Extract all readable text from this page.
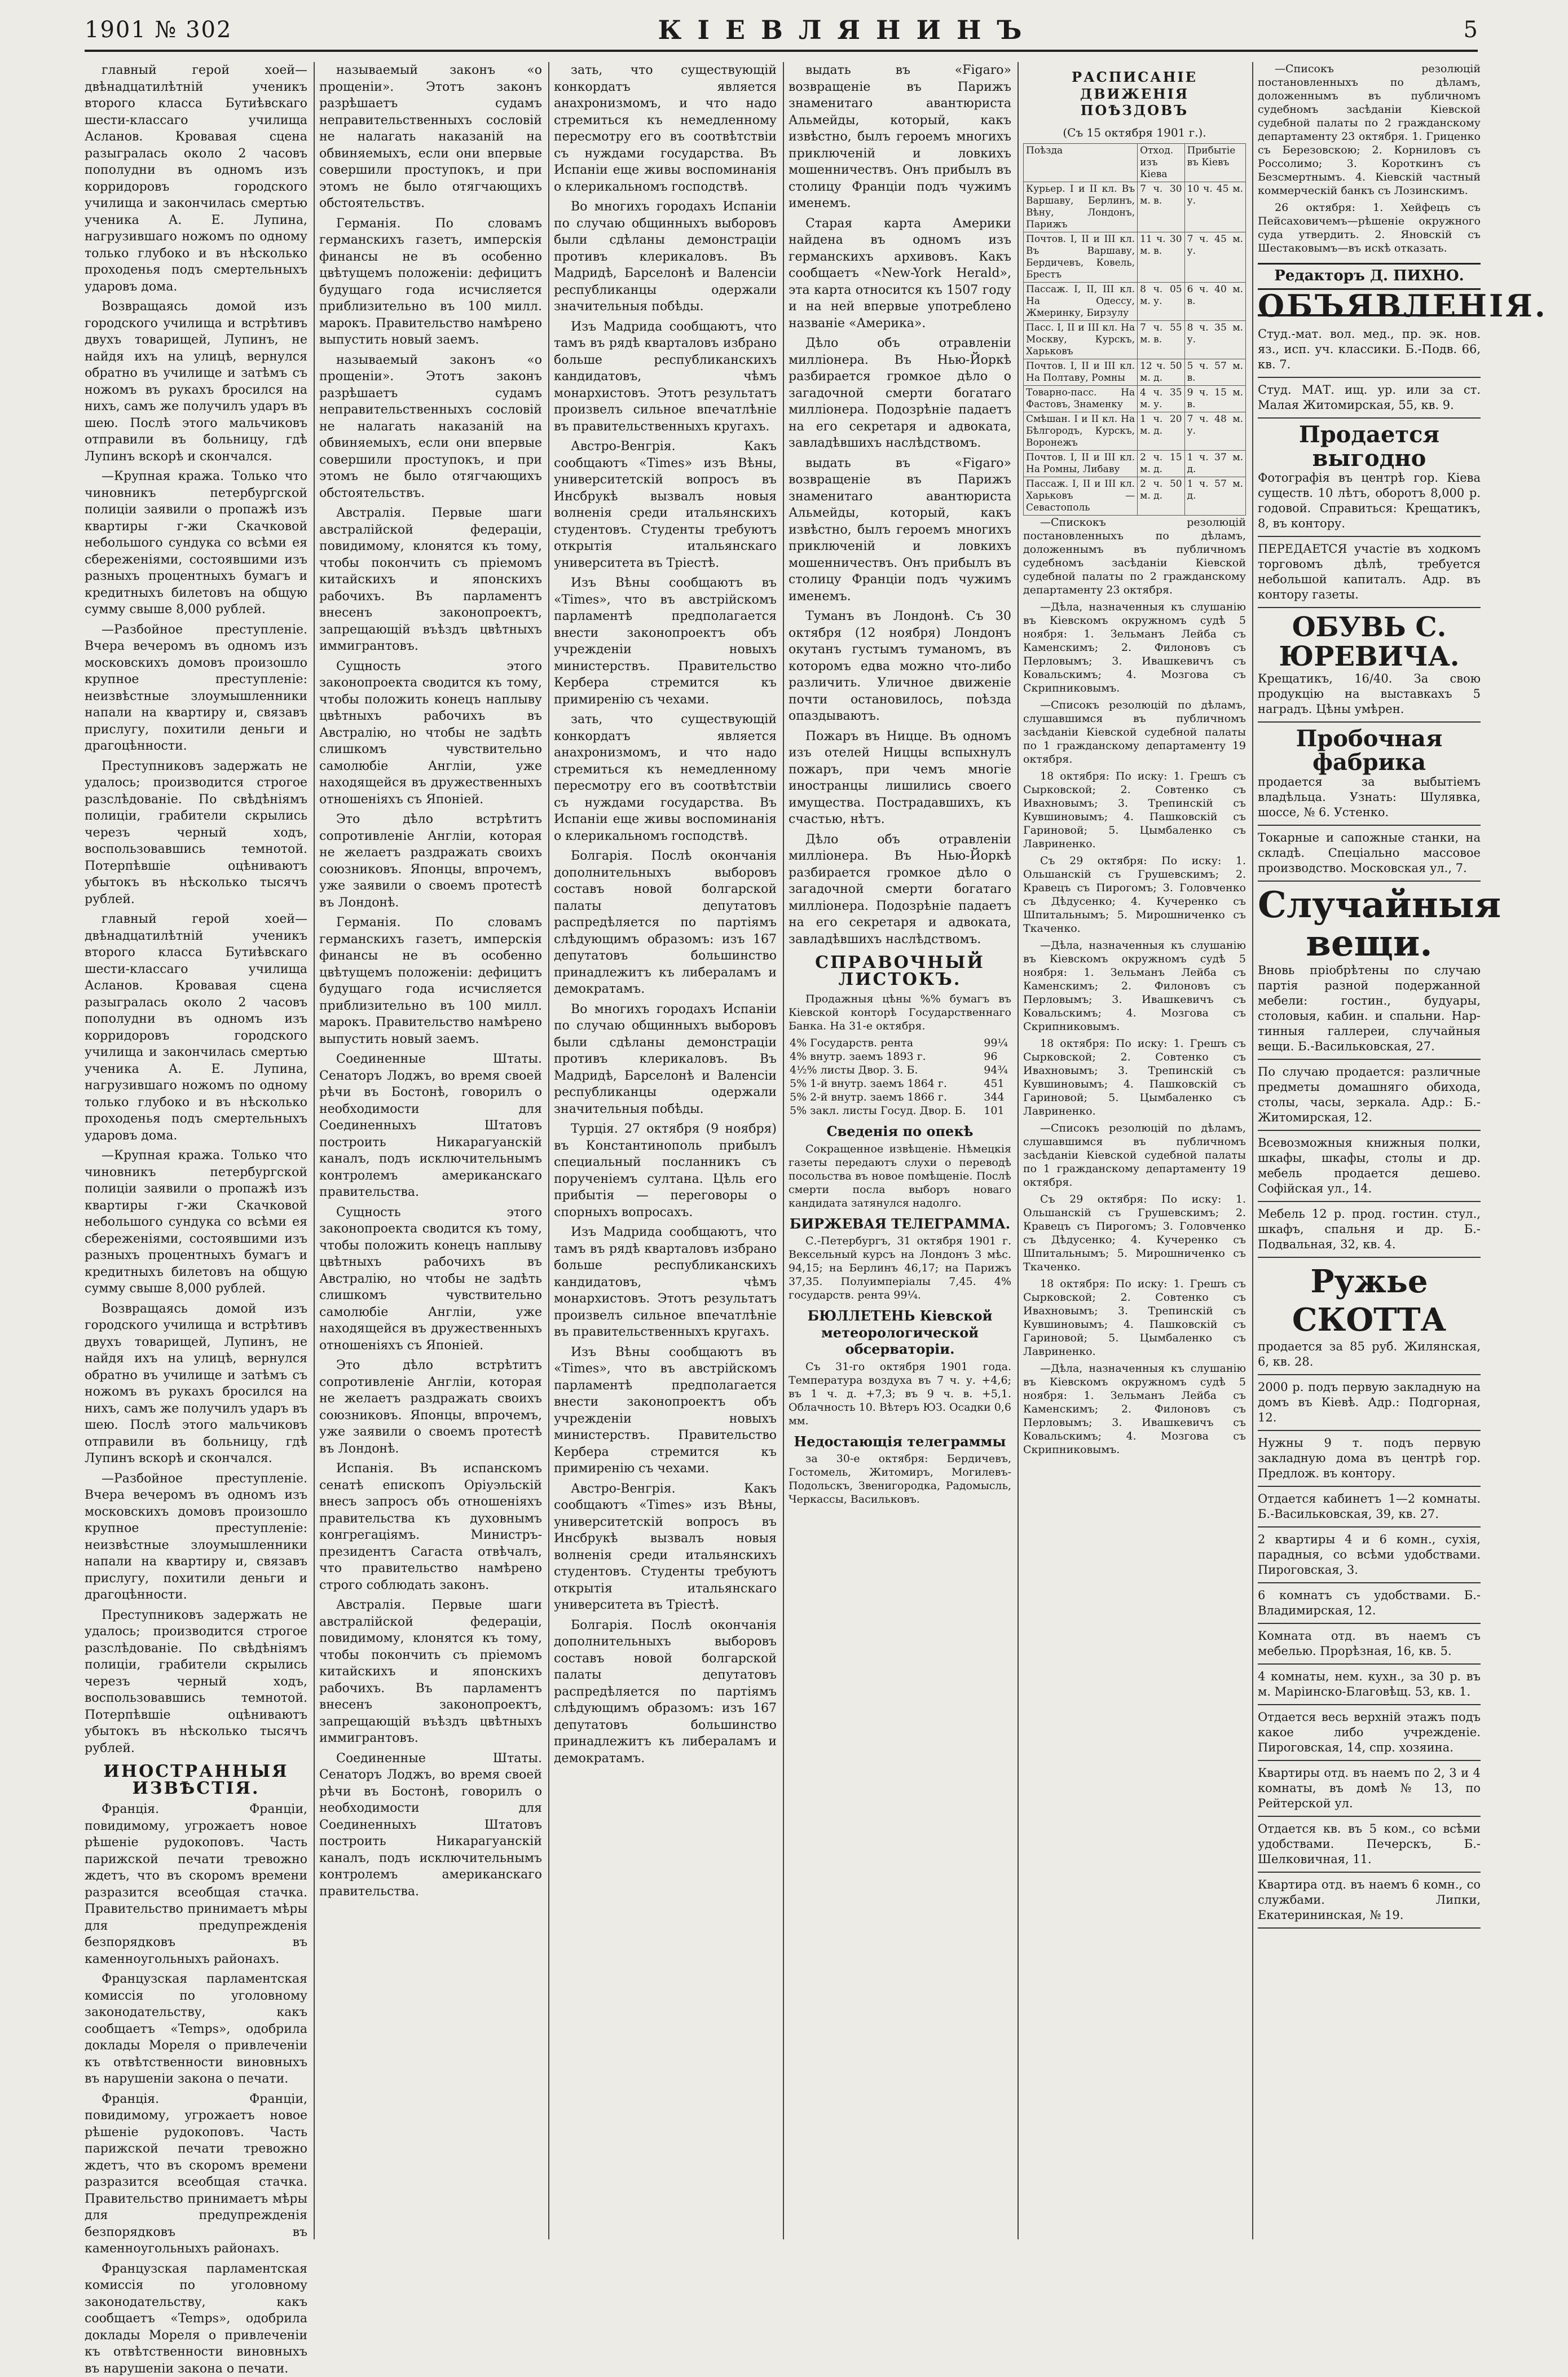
1901 № 302	КІЕВЛЯНИНЪ	5

главный герой хоей—двѣнадцатилѣтній ученикъ второго класса Бутиѣвскаго шести-классаго училища Асланов. Кровавая сцена разыгралась около 2 часовъ пополудни въ одномъ изъ корридоровъ городского училища и закончилась смертью ученика А. Е. Лупина, нагрузившаго ножомъ по одному только глубоко и въ нѣсколько проходенья подъ смертельныхъ ударовъ дома.

Возвращаясь домой изъ городского училища и встрѣтивъ двухъ товарищей, Лупинъ, не найдя ихъ на улицѣ, вернулся обратно въ училище и затѣмъ съ ножомъ въ рукахъ бросился на нихъ, самъ же получилъ ударъ въ шею. Послѣ этого мальчиковъ отправили въ больницу, гдѣ Лупинъ вскорѣ и скончался.

—Крупная кража. Только что чиновникъ петербургской полиціи заявили о пропажѣ изъ квартиры г-жи Скачковой небольшого сундука со всѣми ея сбереженіями, состоявшими изъ разныхъ процентныхъ бумагъ и кредитныхъ билетовъ на общую сумму свыше 8,000 рублей.

—Разбойное преступленіе. Вчера вечеромъ въ одномъ изъ московскихъ домовъ произошло крупное преступленіе: неизвѣстные злоумышленники напали на квартиру и, связавъ прислугу, похитили деньги и драгоцѣнности.

Преступниковъ задержать не удалось; производится строгое разслѣдованіе. По свѣдѣніямъ полиціи, грабители скрылись черезъ черный ходъ, воспользовавшись темнотой. Потерпѣвшіе оцѣниваютъ убытокъ въ нѣсколько тысячъ рублей.

главный герой хоей—двѣнадцатилѣтній ученикъ второго класса Бутиѣвскаго шести-классаго училища Асланов. Кровавая сцена разыгралась около 2 часовъ пополудни въ одномъ изъ корридоровъ городского училища и закончилась смертью ученика А. Е. Лупина, нагрузившаго ножомъ по одному только глубоко и въ нѣсколько проходенья подъ смертельныхъ ударовъ дома.

—Крупная кража. Только что чиновникъ петербургской полиціи заявили о пропажѣ изъ квартиры г-жи Скачковой небольшого сундука со всѣми ея сбереженіями, состоявшими изъ разныхъ процентныхъ бумагъ и кредитныхъ билетовъ на общую сумму свыше 8,000 рублей.

Возвращаясь домой изъ городского училища и встрѣтивъ двухъ товарищей, Лупинъ, не найдя ихъ на улицѣ, вернулся обратно въ училище и затѣмъ съ ножомъ въ рукахъ бросился на нихъ, самъ же получилъ ударъ въ шею. Послѣ этого мальчиковъ отправили въ больницу, гдѣ Лупинъ вскорѣ и скончался.

—Разбойное преступленіе. Вчера вечеромъ въ одномъ изъ московскихъ домовъ произошло крупное преступленіе: неизвѣстные злоумышленники напали на квартиру и, связавъ прислугу, похитили деньги и драгоцѣнности.

Преступниковъ задержать не удалось; производится строгое разслѣдованіе. По свѣдѣніямъ полиціи, грабители скрылись черезъ черный ходъ, воспользовавшись темнотой. Потерпѣвшіе оцѣниваютъ убытокъ въ нѣсколько тысячъ рублей.

ИНОСТРАННЫЯ ИЗВѢСТІЯ.

Франція. Франціи, повидимому, угрожаетъ новое рѣшеніе рудокоповъ. Часть парижской печати тревожно ждетъ, что въ скоромъ времени разразится всеобщая стачка. Правительство принимаетъ мѣры для предупрежденія безпорядковъ въ каменноугольныхъ районахъ.

Французская парламентская комиссія по уголовному законодательству, какъ сообщаетъ «Temps», одобрила доклады Мореля о привлеченіи къ отвѣтственности виновныхъ въ нарушеніи закона о печати.

Франція. Франціи, повидимому, угрожаетъ новое рѣшеніе рудокоповъ. Часть парижской печати тревожно ждетъ, что въ скоромъ времени разразится всеобщая стачка. Правительство принимаетъ мѣры для предупрежденія безпорядковъ въ каменноугольныхъ районахъ.

Французская парламентская комиссія по уголовному законодательству, какъ сообщаетъ «Temps», одобрила доклады Мореля о привлеченіи къ отвѣтственности виновныхъ въ нарушеніи закона о печати.

называемый законъ «о прощеніи». Этотъ законъ разрѣшаетъ судамъ неправительственныхъ сословій не налагать наказаній на обвиняемыхъ, если они впервые совершили проступокъ, и при этомъ не было отягчающихъ обстоятельствъ.

Германія. По словамъ германскихъ газетъ, имперскія финансы не въ особенно цвѣтущемъ положеніи: дефицитъ будущаго года исчисляется приблизительно въ 100 милл. марокъ. Правительство намѣрено выпустить новый заемъ.

называемый законъ «о прощеніи». Этотъ законъ разрѣшаетъ судамъ неправительственныхъ сословій не налагать наказаній на обвиняемыхъ, если они впервые совершили проступокъ, и при этомъ не было отягчающихъ обстоятельствъ.

Австралія. Первые шаги австралійской федераціи, повидимому, клонятся къ тому, чтобы покончить съ пріемомъ китайскихъ и японскихъ рабочихъ. Въ парламентъ внесенъ законопроектъ, запрещающій въѣздъ цвѣтныхъ иммигрантовъ.

Сущность этого законопроекта сводится къ тому, чтобы положить конецъ наплыву цвѣтныхъ рабочихъ въ Австралію, но чтобы не задѣть слишкомъ чувствительно самолюбіе Англіи, уже находящейся въ дружественныхъ отношеніяхъ съ Японіей.

Это дѣло встрѣтитъ сопротивленіе Англіи, которая не желаетъ раздражать своихъ союзниковъ. Японцы, впрочемъ, уже заявили о своемъ протестѣ въ Лондонѣ.

Германія. По словамъ германскихъ газетъ, имперскія финансы не въ особенно цвѣтущемъ положеніи: дефицитъ будущаго года исчисляется приблизительно въ 100 милл. марокъ. Правительство намѣрено выпустить новый заемъ.

Соединенные Штаты. Сенаторъ Лоджъ, во время своей рѣчи въ Бостонѣ, говорилъ о необходимости для Соединенныхъ Штатовъ построить Никарагуанскій каналъ, подъ исключительнымъ контролемъ американскаго правительства.

Сущность этого законопроекта сводится къ тому, чтобы положить конецъ наплыву цвѣтныхъ рабочихъ въ Австралію, но чтобы не задѣть слишкомъ чувствительно самолюбіе Англіи, уже находящейся въ дружественныхъ отношеніяхъ съ Японіей.

Это дѣло встрѣтитъ сопротивленіе Англіи, которая не желаетъ раздражать своихъ союзниковъ. Японцы, впрочемъ, уже заявили о своемъ протестѣ въ Лондонѣ.

Испанія. Въ испанскомъ сенатѣ епископъ Оріуэльскій внесъ запросъ объ отношеніяхъ правительства къ духовнымъ конгрегаціямъ. Министръ-президентъ Сагаста отвѣчалъ, что правительство намѣрено строго соблюдать законъ.

Австралія. Первые шаги австралійской федераціи, повидимому, клонятся къ тому, чтобы покончить съ пріемомъ китайскихъ и японскихъ рабочихъ. Въ парламентъ внесенъ законопроектъ, запрещающій въѣздъ цвѣтныхъ иммигрантовъ.

Соединенные Штаты. Сенаторъ Лоджъ, во время своей рѣчи въ Бостонѣ, говорилъ о необходимости для Соединенныхъ Штатовъ построить Никарагуанскій каналъ, подъ исключительнымъ контролемъ американскаго правительства.

зать, что существующій конкордатъ является анахронизмомъ, и что надо стремиться къ немедленному пересмотру его въ соотвѣтствіи съ нуждами государства. Въ Испаніи еще живы воспоминанія о клерикальномъ господствѣ.

Во многихъ городахъ Испаніи по случаю общинныхъ выборовъ были сдѣланы демонстраціи противъ клерикаловъ. Въ Мадридѣ, Барселонѣ и Валенсіи республиканцы одержали значительныя побѣды.

Изъ Мадрида сообщаютъ, что тамъ въ рядѣ кварталовъ избрано больше республиканскихъ кандидатовъ, чѣмъ монархистовъ. Этотъ результатъ произвелъ сильное впечатлѣніе въ правительственныхъ кругахъ.

Австро-Венгрія. Какъ сообщаютъ «Times» изъ Вѣны, университетскій вопросъ въ Инсбрукѣ вызвалъ новыя волненія среди итальянскихъ студентовъ. Студенты требуютъ открытія итальянскаго университета въ Тріестѣ.

Изъ Вѣны сообщаютъ въ «Times», что въ австрійскомъ парламентѣ предполагается внести законопроектъ объ учрежденіи новыхъ министерствъ. Правительство Кербера стремится къ примиренію съ чехами.

зать, что существующій конкордатъ является анахронизмомъ, и что надо стремиться къ немедленному пересмотру его въ соотвѣтствіи съ нуждами государства. Въ Испаніи еще живы воспоминанія о клерикальномъ господствѣ.

Болгарія. Послѣ окончанія дополнительныхъ выборовъ составъ новой болгарской палаты депутатовъ распредѣляется по партіямъ слѣдующимъ образомъ: изъ 167 депутатовъ большинство принадлежитъ къ либераламъ и демократамъ.

Во многихъ городахъ Испаніи по случаю общинныхъ выборовъ были сдѣланы демонстраціи противъ клерикаловъ. Въ Мадридѣ, Барселонѣ и Валенсіи республиканцы одержали значительныя побѣды.

Турція. 27 октября (9 ноября) въ Константинополь прибылъ специальный посланникъ съ порученіемъ султана. Цѣль его прибытія — переговоры о спорныхъ вопросахъ.

Изъ Мадрида сообщаютъ, что тамъ въ рядѣ кварталовъ избрано больше республиканскихъ кандидатовъ, чѣмъ монархистовъ. Этотъ результатъ произвелъ сильное впечатлѣніе въ правительственныхъ кругахъ.

Изъ Вѣны сообщаютъ въ «Times», что въ австрійскомъ парламентѣ предполагается внести законопроектъ объ учрежденіи новыхъ министерствъ. Правительство Кербера стремится къ примиренію съ чехами.

Австро-Венгрія. Какъ сообщаютъ «Times» изъ Вѣны, университетскій вопросъ въ Инсбрукѣ вызвалъ новыя волненія среди итальянскихъ студентовъ. Студенты требуютъ открытія итальянскаго университета въ Тріестѣ.

Болгарія. Послѣ окончанія дополнительныхъ выборовъ составъ новой болгарской палаты депутатовъ распредѣляется по партіямъ слѣдующимъ образомъ: изъ 167 депутатовъ большинство принадлежитъ къ либераламъ и демократамъ.

выдать въ «Figaro» возвращеніе въ Парижъ знаменитаго авантюриста Альмейды, который, какъ извѣстно, былъ героемъ многихъ приключеній и ловкихъ мошенничествъ. Онъ прибылъ въ столицу Франціи подъ чужимъ именемъ.

Старая карта Америки найдена въ одномъ изъ германскихъ архивовъ. Какъ сообщаетъ «New-York Herald», эта карта относится къ 1507 году и на ней впервые употреблено названіе «Америка».

Дѣло объ отравленіи милліонера. Въ Нью-Йоркѣ разбирается громкое дѣло о загадочной смерти богатаго милліонера. Подозрѣніе падаетъ на его секретаря и адвоката, завладѣвшихъ наслѣдствомъ.

выдать въ «Figaro» возвращеніе въ Парижъ знаменитаго авантюриста Альмейды, который, какъ извѣстно, былъ героемъ многихъ приключеній и ловкихъ мошенничествъ. Онъ прибылъ въ столицу Франціи подъ чужимъ именемъ.

Туманъ въ Лондонѣ. Съ 30 октября (12 ноября) Лондонъ окутанъ густымъ туманомъ, въ которомъ едва можно что-либо различить. Уличное движеніе почти остановилось, поѣзда опаздываютъ.

Пожаръ въ Ницце. Въ одномъ изъ отелей Ниццы вспыхнулъ пожаръ, при чемъ многіе иностранцы лишились своего имущества. Пострадавшихъ, къ счастью, нѣтъ.

Дѣло объ отравленіи милліонера. Въ Нью-Йоркѣ разбирается громкое дѣло о загадочной смерти богатаго милліонера. Подозрѣніе падаетъ на его секретаря и адвоката, завладѣвшихъ наслѣдствомъ.

СПРАВОЧНЫЙ ЛИСТОКЪ.

Продажныя цѣны %% бумагъ въ Кіевской конторѣ Государственнаго Банка. На 31-е октября.

4% Государств. рента	99¼
4% внутр. заемъ 1893 г.	96
4½% листы Двор. З. Б.	94¾
5% 1-й внутр. заемъ 1864 г.	451
5% 2-й внутр. заемъ 1866 г.	344
5% закл. листы Госуд. Двор. Б.	101
Сведенія по опекѣ

Сокращенное извѣщеніе. Нѣмецкія газеты передаютъ слухи о переводѣ посольства въ новое помѣщеніе. Послѣ смерти посла выборъ новаго кандидата затянулся надолго.

БИРЖЕВАЯ ТЕЛЕГРАММА.

С.-Петербургъ, 31 октября 1901 г. Вексельный курсъ на Лондонъ 3 мѣс. 94,15; на Берлинъ 46,17; на Парижъ 37,35. Полуимперіалы 7,45. 4% государств. рента 99¼.

БЮЛЛЕТЕНЬ Кіевской метеорологической обсерваторіи.

Съ 31-го октября 1901 года. Температура воздуха въ 7 ч. у. +4,6; въ 1 ч. д. +7,3; въ 9 ч. в. +5,1. Облачность 10. Вѣтеръ ЮЗ. Осадки 0,6 мм.

Недостающія телеграммы

за 30-е октября: Бердичевъ, Гостомель, Житомиръ, Могилевъ-Подольскъ, Звенигородка, Радомысль, Черкассы, Васильковъ.

РАСПИСАНІЕ ДВИЖЕНІЯ ПОѢЗДОВЪ
(Съ 15 октября 1901 г.).
Поѣзда	Отход. изъ Кіева	Прибытіе въ Кіевъ
Курьер. I и II кл. Въ Варшаву, Берлинъ, Вѣну, Лондонъ, Парижъ	7 ч. 30 м. в.	10 ч. 45 м. у.
Почтов. I, II и III кл. Въ Варшаву, Бердичевъ, Ковель, Брестъ	11 ч. 30 м. в.	7 ч. 45 м. у.
Пассаж. I, II, III кл. На Одессу, Жмеринку, Бирзулу	8 ч. 05 м. у.	6 ч. 40 м. в.
Пасс. I, II и III кл. На Москву, Курскъ, Харьковъ	7 ч. 55 м. в.	8 ч. 35 м. у.
Почтов. I, II и III кл. На Полтаву, Ромны	12 ч. 50 м. д.	5 ч. 57 м. в.
Товарно-пасс. На Фастовъ, Знаменку	4 ч. 35 м. у.	9 ч. 15 м. в.
Смѣшан. I и II кл. На Бѣлгородъ, Курскъ, Воронежъ	1 ч. 20 м. д.	7 ч. 48 м. у.
Почтов. I, II и III кл. На Ромны, Либаву	2 ч. 15 м. д.	1 ч. 37 м. д.
Пассаж. I, II и III кл. Харьковъ — Севастополь	2 ч. 50 м. д.	1 ч. 57 м. д.

—Спискокъ резолюцій постановленныхъ по дѣламъ, доложеннымъ въ публичномъ судебномъ засѣданіи Кіевской судебной палаты по 2 гражданскому департаменту 23 октября.

—Дѣла, назначенныя къ слушанію въ Кіевскомъ окружномъ судѣ 5 ноября: 1. Зельманъ Лейба съ Каменскимъ; 2. Филоновъ съ Перловымъ; 3. Ивашкевичъ съ Ковальскимъ; 4. Мозгова съ Скрипниковымъ.

—Списокъ резолюцій по дѣламъ, слушавшимся въ публичномъ засѣданіи Кіевской судебной палаты по 1 гражданскому департаменту 19 октября.

18 октября: По иску: 1. Грешъ съ Сырковской; 2. Совтенко съ Ивахновымъ; 3. Трепинскій съ Кувшиновымъ; 4. Пашковскій съ Гариновой; 5. Цымбаленко съ Лавриненко.

Съ 29 октября: По иску: 1. Ольшанскій съ Грушевскимъ; 2. Кравецъ съ Пирогомъ; 3. Головченко съ Дѣдусенко; 4. Кучеренко съ Шпитальнымъ; 5. Мирошниченко съ Ткаченко.

—Дѣла, назначенныя къ слушанію въ Кіевскомъ окружномъ судѣ 5 ноября: 1. Зельманъ Лейба съ Каменскимъ; 2. Филоновъ съ Перловымъ; 3. Ивашкевичъ съ Ковальскимъ; 4. Мозгова съ Скрипниковымъ.

18 октября: По иску: 1. Грешъ съ Сырковской; 2. Совтенко съ Ивахновымъ; 3. Трепинскій съ Кувшиновымъ; 4. Пашковскій съ Гариновой; 5. Цымбаленко съ Лавриненко.

—Списокъ резолюцій по дѣламъ, слушавшимся въ публичномъ засѣданіи Кіевской судебной палаты по 1 гражданскому департаменту 19 октября.

Съ 29 октября: По иску: 1. Ольшанскій съ Грушевскимъ; 2. Кравецъ съ Пирогомъ; 3. Головченко съ Дѣдусенко; 4. Кучеренко съ Шпитальнымъ; 5. Мирошниченко съ Ткаченко.

18 октября: По иску: 1. Грешъ съ Сырковской; 2. Совтенко съ Ивахновымъ; 3. Трепинскій съ Кувшиновымъ; 4. Пашковскій съ Гариновой; 5. Цымбаленко съ Лавриненко.

—Дѣла, назначенныя къ слушанію въ Кіевскомъ окружномъ судѣ 5 ноября: 1. Зельманъ Лейба съ Каменскимъ; 2. Филоновъ съ Перловымъ; 3. Ивашкевичъ съ Ковальскимъ; 4. Мозгова съ Скрипниковымъ.

—Списокъ резолюцій постановленныхъ по дѣламъ, доложеннымъ въ публичномъ судебномъ засѣданіи Кіевской судебной палаты по 2 гражданскому департаменту 23 октября. 1. Гриценко съ Березовскою; 2. Корниловъ съ Россолимо; 3. Короткинъ съ Безсмертнымъ. 4. Кіевскій частный коммерческій банкъ съ Лозинскимъ.

26 октября: 1. Хейфецъ съ Пейсаховичемъ—рѣшеніе окружного суда утвердить. 2. Яновскій съ Шестаковымъ—въ искѣ отказать.

Редакторъ Д. ПИХНО.
ОБЪЯВЛЕНІЯ.
Студ.-мат. вол. мед., пр. эк. нов. яз., исп. уч. классики. Б.-Подв. 66, кв. 7.
Студ. МАТ. ищ. ур. или за ст. Малая Житомирская, 55, кв. 9.
Продается выгодно
Фотографія въ центрѣ гор. Кіева существ. 10 лѣтъ, оборотъ 8,000 р. годовой. Справиться: Крещатикъ, 8, въ контору.
ПЕРЕДАЕТСЯ участіе въ ходкомъ торговомъ дѣлѣ, требуется небольшой капиталъ. Адр. въ контору газеты.
ОБУВЬ С. ЮРЕВИЧА.
Крещатикъ, 16/40. За свою продукцію на выставкахъ 5 наградъ. Цѣны умѣрен.
Пробочная фабрика
продается за выбытіемъ владѣльца. Узнать: Шулявка, шоссе, № 6. Устенко.
Токарные и сапожные станки, на складѣ. Спеціально массовое производство. Московская ул., 7.
Случайныя вещи.
Вновь пріобрѣтены по случаю партія разной подержанной мебели: гостин., будуары, столовыя, кабин. и спальни. Нар-тинныя галлереи, случайныя вещи. Б.-Васильковская, 27.
По случаю продается: различные предметы домашняго обихода, столы, часы, зеркала. Адр.: Б.-Житомирская, 12.
Всевозможныя книжныя полки, шкафы, шкафы, столы и др. мебель продается дешево. Софійская ул., 14.
Мебель 12 р. прод. гостин. стул., шкафъ, спальня и др. Б.-Подвальная, 32, кв. 4.
Ружье СКОТТА
продается за 85 руб. Жилянская, 6, кв. 28.
2000 р. подъ первую закладную на домъ въ Кіевѣ. Адр.: Подгорная, 12.
Нужны 9 т. подъ первую закладную дома въ центрѣ гор. Предлож. въ контору.
Отдается кабинетъ 1—2 комнаты. Б.-Васильковская, 39, кв. 27.
2 квартиры 4 и 6 комн., сухія, парадныя, со всѣми удобствами. Пироговская, 3.
6 комнатъ съ удобствами. Б.-Владимирская, 12.
Комната отд. въ наемъ съ мебелью. Прорѣзная, 16, кв. 5.
4 комнаты, нем. кухн., за 30 р. въ м. Маріинско-Благовѣщ. 53, кв. 1.
Отдается весь верхній этажъ подъ какое либо учрежденіе. Пироговская, 14, спр. хозяина.
Квартиры отд. въ наемъ по 2, 3 и 4 комнаты, въ домѣ № 13, по Рейтерской ул.
Отдается кв. въ 5 ком., со всѣми удобствами. Печерскъ, Б.-Шелковичная, 11.
Квартира отд. въ наемъ 6 комн., со службами. Липки, Екатерининская, № 19.
